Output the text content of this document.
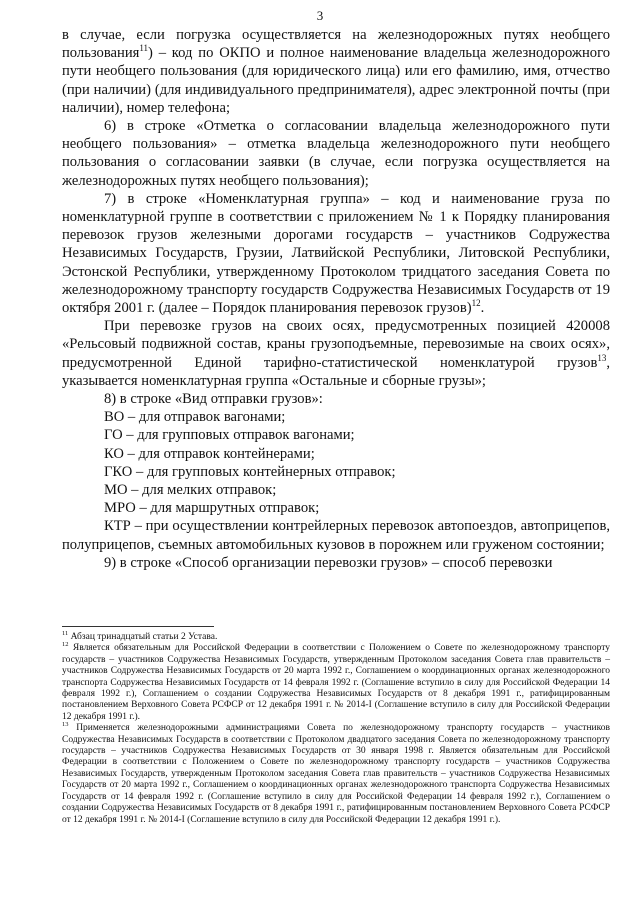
3

в случае, если погрузка осуществляется на железнодорожных путях необщего пользования$^{11}$) – код по ОКПО и полное наименование владельца железнодорожного пути необщего пользования (для юридического лица) или его фамилию, имя, отчество (при наличии) (для индивидуального предпринимателя), адрес электронной почты (при наличии), номер телефона;

6) в строке «Отметка о согласовании владельца железнодорожного пути необщего пользования» – отметка владельца железнодорожного пути необщего пользования о согласовании заявки (в случае, если погрузка осуществляется на железнодорожных путях необщего пользования);

7) в строке «Номенклатурная группа» – код и наименование груза по номенклатурной группе в соответствии с приложением № 1 к Порядку планирования перевозок грузов железными дорогами государств – участников Содружества Независимых Государств, Грузии, Латвийской Республики, Литовской Республики, Эстонской Республики, утвержденному Протоколом тридцатого заседания Совета по железнодорожному транспорту государств Содружества Независимых Государств от 19 октября 2001 г. (далее – Порядок планирования перевозок грузов)$^{12}$.

При перевозке грузов на своих осях, предусмотренных позицией 420008 «Рельсовый подвижной состав, краны грузоподъемные, перевозимые на своих осях», предусмотренной Единой тарифно-статистической номенклатурой грузов$^{13}$, указывается номенклатурная группа «Остальные и сборные грузы»;

8) в строке «Вид отправки грузов»:

ВО – для отправок вагонами;

ГО – для групповых отправок вагонами;

КО – для отправок контейнерами;

ГКО – для групповых контейнерных отправок;

МО – для мелких отправок;

МРО – для маршрутных отправок;

КТР – при осуществлении контрейлерных перевозок автопоездов, автоприцепов, полуприцепов, съемных автомобильных кузовов в порожнем или груженом состоянии;

9) в строке «Способ организации перевозки грузов» – способ перевозки

$^{11}$ Абзац тринадцатый статьи 2 Устава.

$^{12}$ Является обязательным для Российской Федерации в соответствии с Положением о Совете по железнодорожному транспорту государств – участников Содружества Независимых Государств, утвержденным Протоколом заседания Совета глав правительств – участников Содружества Независимых Государств от 20 марта 1992 г., Соглашением о координационных органах железнодорожного транспорта Содружества Независимых Государств от 14 февраля 1992 г. (Соглашение вступило в силу для Российской Федерации 14 февраля 1992 г.), Соглашением о создании Содружества Независимых Государств от 8 декабря 1991 г., ратифицированным постановлением Верховного Совета РСФСР от 12 декабря 1991 г. № 2014-I (Соглашение вступило в силу для Российской Федерации 12 декабря 1991 г.).

$^{13}$ Применяется железнодорожными администрациями Совета по железнодорожному транспорту государств – участников Содружества Независимых Государств в соответствии с Протоколом двадцатого заседания Совета по железнодорожному транспорту государств – участников Содружества Независимых Государств от 30 января 1998 г. Является обязательным для Российской Федерации в соответствии с Положением о Совете по железнодорожному транспорту государств – участников Содружества Независимых Государств, утвержденным Протоколом заседания Совета глав правительств – участников Содружества Независимых Государств от 20 марта 1992 г., Соглашением о координационных органах железнодорожного транспорта Содружества Независимых Государств от 14 февраля 1992 г. (Соглашение вступило в силу для Российской Федерации 14 февраля 1992 г.), Соглашением о создании Содружества Независимых Государств от 8 декабря 1991 г., ратифицированным постановлением Верховного Совета РСФСР от 12 декабря 1991 г. № 2014-I (Соглашение вступило в силу для Российской Федерации 12 декабря 1991 г.).
